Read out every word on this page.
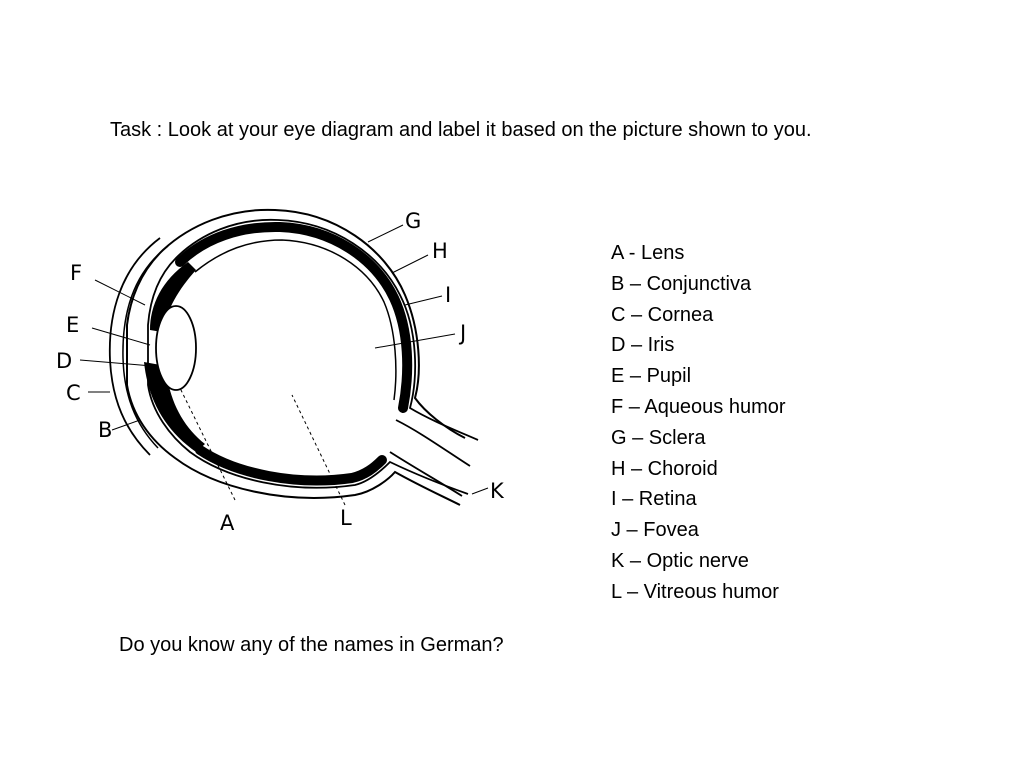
Task : Look at your eye diagram and label it based on the picture shown to you.
A
B
C
D
E
F
G
H
I
J
K
L
A - Lens
B – Conjunctiva
C – Cornea
D – Iris
E – Pupil
F – Aqueous humor
G – Sclera
H – Choroid
I – Retina
J – Fovea
K – Optic nerve
L – Vitreous humor
Do you know any of the names in German?
